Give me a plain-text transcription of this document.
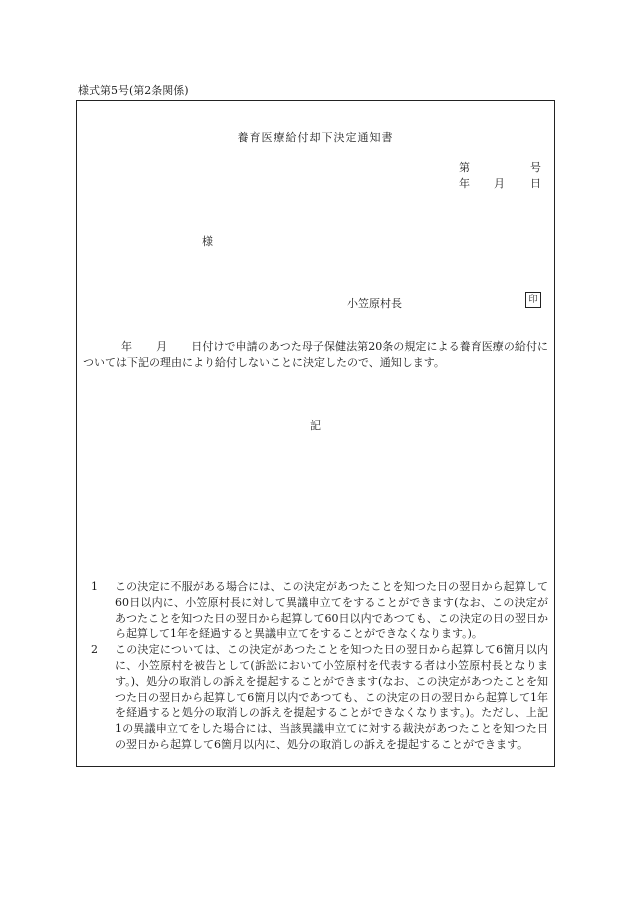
様式第5号(第2条関係)
養育医療給付却下決定通知書
第	号
年 月 日
様
小笠原村長	印
年 月 日付けで申請のあつた母子保健法第20条の規定による養育医療の給付については下記の理由により給付しないことに決定したので、通知します。
記
1	この決定に不服がある場合には、この決定があつたことを知つた日の翌日から起算して60日以内に、小笠原村長に対して異議申立てをすることができます(なお、この決定があつたことを知つた日の翌日から起算して60日以内であつても、この決定の日の翌日から起算して1年を経過すると異議申立てをすることができなくなります。)。
2	この決定については、この決定があつたことを知つた日の翌日から起算して6箇月以内に、小笠原村を被告として(訴訟において小笠原村を代表する者は小笠原村長となります。)、処分の取消しの訴えを提起することができます(なお、この決定があつたことを知つた日の翌日から起算して6箇月以内であつても、この決定の日の翌日から起算して1年を経過すると処分の取消しの訴えを提起することができなくなります。)。ただし、上記1の異議申立てをした場合には、当該異議申立てに対する裁決があつたことを知つた日の翌日から起算して6箇月以内に、処分の取消しの訴えを提起することができます。
